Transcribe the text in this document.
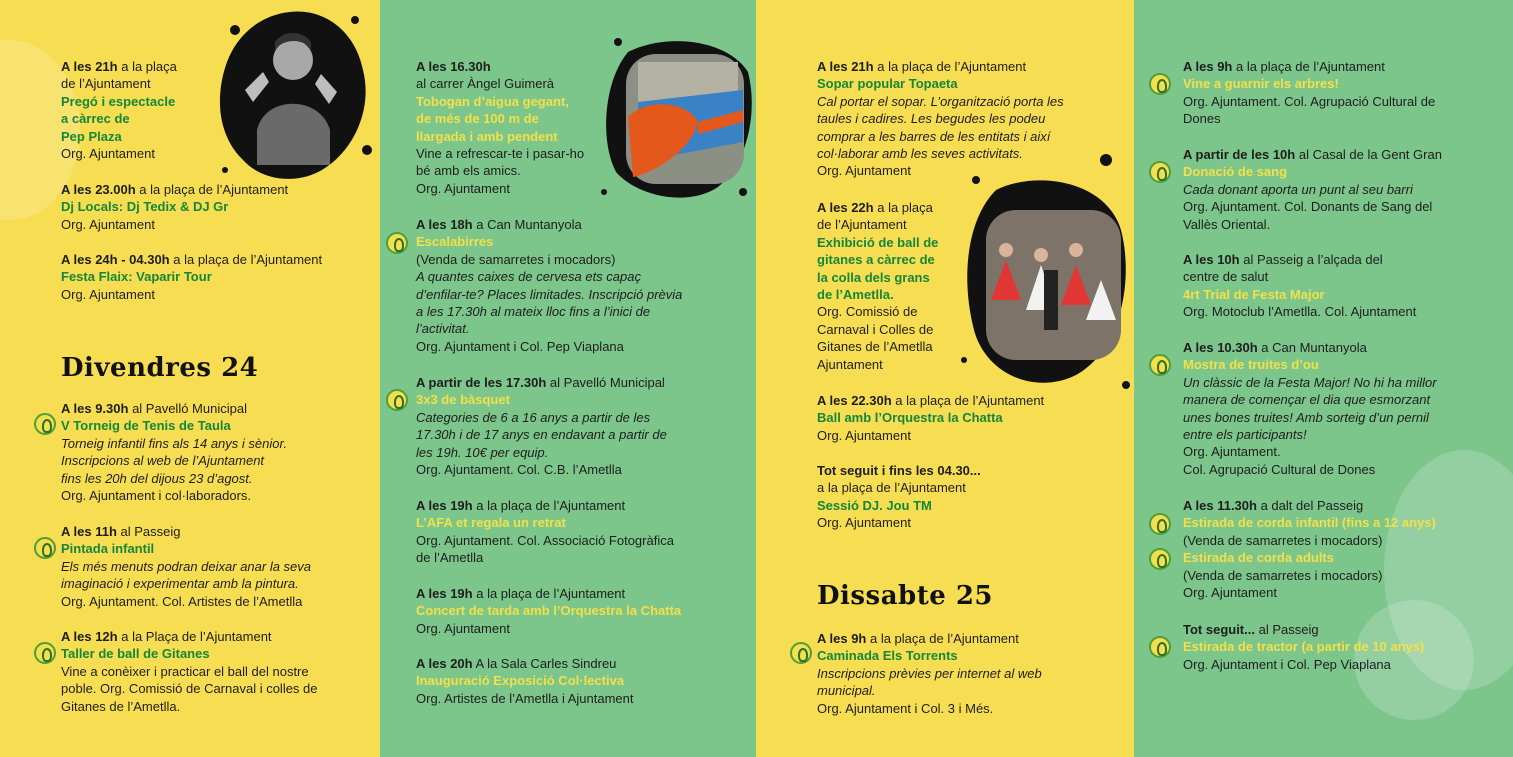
A les 21h a la plaça

de l’Ajuntament

Pregó i espectacle

a càrrec de

Pep Plaza

Org. Ajuntament

A les 23.00h a la plaça de l’Ajuntament

Dj Locals: Dj Tedix & DJ Gr

Org. Ajuntament

A les 24h - 04.30h a la plaça de l’Ajuntament

Festa Flaix: Vaparir Tour

Org. Ajuntament

Divendres 24

A les 9.30h al Pavelló Municipal

V Torneig de Tenis de Taula

Torneig infantil fins als 14 anys i sènior.

Inscripcions al web de l’Ajuntament

fins les 20h del dijous 23 d’agost.

Org. Ajuntament i col·laboradors.

A les 11h al Passeig

Pintada infantil

Els més menuts podran deixar anar la seva

imaginació i experimentar amb la pintura.

Org. Ajuntament. Col. Artistes de l’Ametlla

A les 12h a la Plaça de l’Ajuntament

Taller de ball de Gitanes

Vine a conèixer i practicar el ball del nostre

poble. Org. Comissió de Carnaval i colles de

Gitanes de l’Ametlla.

A les 16.30h

al carrer Àngel Guimerà

Tobogan d’aigua gegant,

de més de 100 m de

llargada i amb pendent

Vine a refrescar-te i pasar-ho

bé amb els amics.

Org. Ajuntament

A les 18h a Can Muntanyola

Escalabirres

(Venda de samarretes i mocadors)

A quantes caixes de cervesa ets capaç

d’enfilar-te? Places limitades. Inscripció prèvia

a les 17.30h al mateix lloc fins a l’inici de

l’activitat.

Org. Ajuntament i Col. Pep Viaplana

A partir de les 17.30h al Pavelló Municipal

3x3 de bàsquet

Categories de 6 a 16 anys a partir de les

17.30h i de 17 anys en endavant a partir de

les 19h. 10€ per equip.

Org. Ajuntament. Col. C.B. l’Ametlla

A les 19h a la plaça de l’Ajuntament

L’AFA et regala un retrat

Org. Ajuntament. Col. Associació Fotogràfica

de l’Ametlla

A les 19h a la plaça de l’Ajuntament

Concert de tarda amb l’Orquestra la Chatta

Org. Ajuntament

A les 20h A la Sala Carles Sindreu

Inauguració Exposició Col·lectiva

Org. Artistes de l’Ametlla i Ajuntament

A les 21h a la plaça de l’Ajuntament

Sopar popular Topaeta

Cal portar el sopar. L’organització porta les

taules i cadires. Les begudes les podeu

comprar a les barres de les entitats i així

col·laborar amb les seves activitats.

Org. Ajuntament

A les 22h a la plaça

de l’Ajuntament

Exhibició de ball de

gitanes a càrrec de

la colla dels grans

de l’Ametlla.

Org. Comissió de

Carnaval i Colles de

Gitanes de l’Ametlla

Ajuntament

A les 22.30h a la plaça de l’Ajuntament

Ball amb l’Orquestra la Chatta

Org. Ajuntament

Tot seguit i fins les 04.30...

a la plaça de l’Ajuntament

Sessió DJ. Jou TM

Org. Ajuntament

Dissabte 25

A les 9h a la plaça de l’Ajuntament

Caminada Els Torrents

Inscripcions prèvies per internet al web

municipal.

Org. Ajuntament i Col. 3 i Més.

A les 9h a la plaça de l’Ajuntament

Vine a guarnir els arbres!

Org. Ajuntament. Col. Agrupació Cultural de

Dones

A partir de les 10h al Casal de la Gent Gran

Donació de sang

Cada donant aporta un punt al seu barri

Org. Ajuntament. Col. Donants de Sang del

Vallès Oriental.

A les 10h al Passeig a l’alçada del

centre de salut

4rt Trial de Festa Major

Org. Motoclub l’Ametlla. Col. Ajuntament

A les 10.30h a Can Muntanyola

Mostra de truites d’ou

Un clàssic de la Festa Major! No hi ha millor

manera de començar el dia que esmorzant

unes bones truites! Amb sorteig d’un pernil

entre els participants!

Org. Ajuntament.

Col. Agrupació Cultural de Dones

A les 11.30h a dalt del Passeig

Estirada de corda infantil (fins a 12 anys)

(Venda de samarretes i mocadors)

Estirada de corda adults

(Venda de samarretes i mocadors)

Org. Ajuntament

Tot seguit... al Passeig

Estirada de tractor (a partir de 10 anys)

Org. Ajuntament i Col. Pep Viaplana
